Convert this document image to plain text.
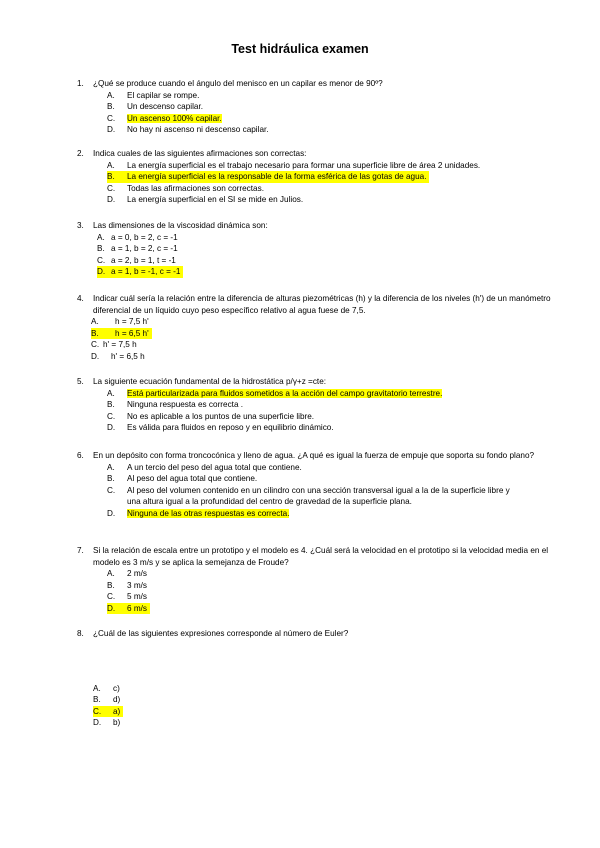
Test hidráulica examen
1. ¿Qué se produce cuando el ángulo del menisco en un capilar es menor de 90º?
A. El capilar se rompe.
B. Un descenso capilar.
C. Un ascenso 100% capilar.
D. No hay ni ascenso ni descenso capilar.
2. Indica cuales de las siguientes afirmaciones son correctas:
A. La energía superficial es el trabajo necesario para formar una superficie libre de área 2 unidades.
B. La energía superficial es la responsable de la forma esférica de las gotas de agua.
C. Todas las afirmaciones son correctas.
D. La energía superficial en el SI se mide en Julios.
3. Las dimensiones de la viscosidad dinámica son:
A. a = 0, b = 2, c = -1
B. a = 1, b = 2, c = -1
C. a = 2, b = 1, t = -1
D. a = 1, b = -1, c = -1
4. Indicar cuál sería la relación entre la diferencia de alturas piezométricas (h) y la diferencia de los niveles (h') de un manómetro diferencial de un líquido cuyo peso específico relativo al agua fuese de 7,5.
A. h = 7,5 h'
B. h = 6,5 h'
C. h' = 7,5 h
D. h' = 6,5 h
5. La siguiente ecuación fundamental de la hidrostática p/γ+z =cte:
A. Está particularizada para fluidos sometidos a la acción del campo gravitatorio terrestre.
B. Ninguna respuesta es correcta .
C. No es aplicable a los puntos de una superficie libre.
D. Es válida para fluidos en reposo y en equilibrio dinámico.
6. En un depósito con forma troncocónica y lleno de agua. ¿A qué es igual la fuerza de empuje que soporta su fondo plano?
A. A un tercio del peso del agua total que contiene.
B. Al peso del agua total que contiene.
C. Al peso del volumen contenido en un cilindro con una sección transversal igual a la de la superficie libre y una altura igual a la profundidad del centro de gravedad de la superficie plana.
D. Ninguna de las otras respuestas es correcta.
7. Si la relación de escala entre un prototipo y el modelo es 4. ¿Cuál será la velocidad en el prototipo si la velocidad media en el modelo es 3 m/s y se aplica la semejanza de Froude?
A. 2 m/s
B. 3 m/s
C. 5 m/s
D. 6 m/s
8. ¿Cuál de las siguientes expresiones corresponde al número de Euler?
A. c)
B. d)
C. a)
D. b)
